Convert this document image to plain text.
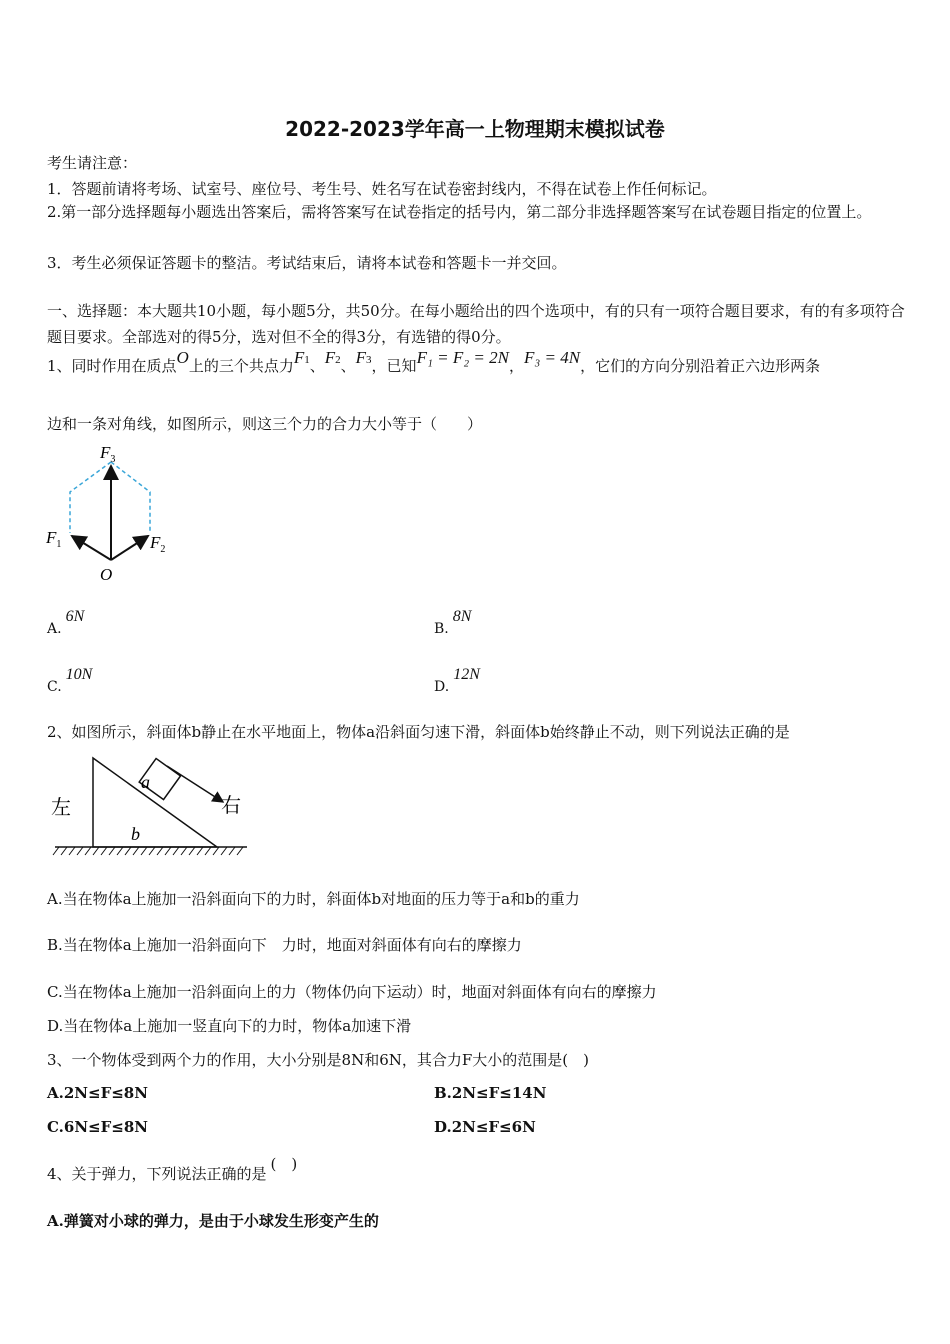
2022-2023学年高一上物理期末模拟试卷
考生请注意：
1．答题前请将考场、试室号、座位号、考生号、姓名写在试卷密封线内，不得在试卷上作任何标记。
2.第一部分选择题每小题选出答案后，需将答案写在试卷指定的括号内，第二部分非选择题答案写在试卷题目指定的位置上。
3．考生必须保证答题卡的整洁。考试结束后，请将本试卷和答题卡一并交回。
一、选择题：本大题共10小题，每小题5分，共50分。在每小题给出的四个选项中，有的只有一项符合题目要求，有的有多项符合题目要求。全部选对的得5分，选对但不全的得3分，有选错的得0分。
1、同时作用在质点O上的三个共点力F1、F2、F3，已知F₁ = F₂ = 2N，F₃ = 4N，它们的方向分别沿着正六边形两条
边和一条对角线，如图所示，则这三个力的合力大小等于（　　）
$F_3$
$F_1$	$F_2$
O
A.6N
B.8N
C.10N
D.12N
2、如图所示，斜面体b静止在水平地面上，物体a沿斜面匀速下滑，斜面体b始终静止不动，则下列说法正确的是
左	右
a
b
A.当在物体a上施加一沿斜面向下的力时，斜面体b对地面的压力等于a和b的重力
B.当在物体a上施加一沿斜面向下　力时，地面对斜面体有向右的摩擦力
C.当在物体a上施加一沿斜面向上的力（物体仍向下运动）时，地面对斜面体有向右的摩擦力
D.当在物体a上施加一竖直向下的力时，物体a加速下滑
3、一个物体受到两个力的作用，大小分别是8N和6N，其合力F大小的范围是(　)
A.2N≤F≤8N	B.2N≤F≤14N
C.6N≤F≤8N	D.2N≤F≤6N
4、关于弹力，下列说法正确的是(　)
A.弹簧对小球的弹力，是由于小球发生形变产生的
